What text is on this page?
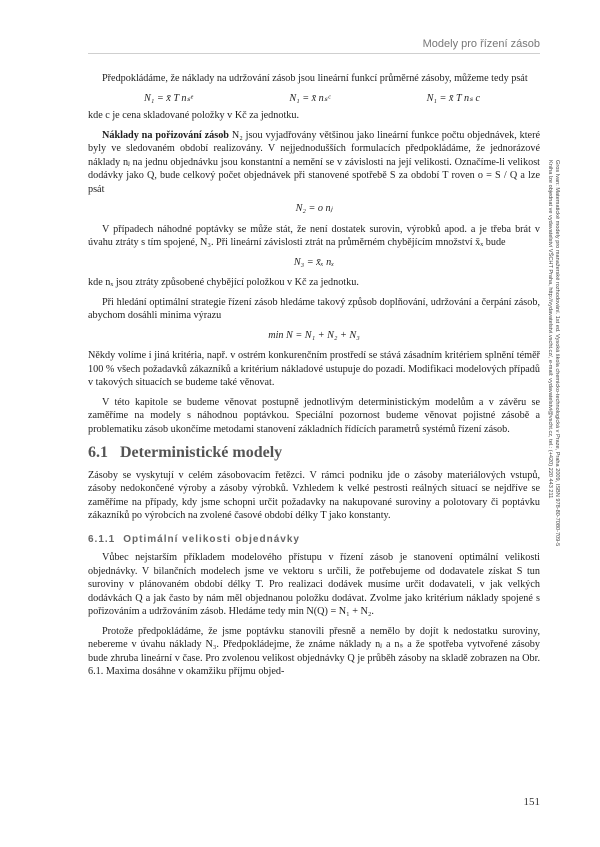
Modely pro řízení zásob
Gros Ivan: Matematické modely pro manažerské rozhodování. 1st ed. Vysoká škola chemicko-technologická v Praze, Praha 2009, ISBN 978-80-7080-709-5
Kniha lze objednat ve vydavatelství VŠCHT Praha, http://vydavatelstvi.vscht.cz/, e-mail: vydavatelstvi@vscht.cz, tel.: (+420) 220 443 211

Předpokládáme, že náklady na udržování zásob jsou lineární funkcí průměrné zásoby, můžeme tedy psát

N₁ = x̄ T nₛᵉ	N₁ = x̄ nₛᶜ	N₁ = x̄ T nₛ c

kde c je cena skladované položky v Kč za jednotku.

Náklady na pořizování zásob N₂ jsou vyjadřovány většinou jako lineární funkce počtu objednávek, které byly ve sledovaném období realizovány. V nejjednodušších formulacích předpokládáme, že jednorázové náklady nⱼ na jednu objednávku jsou konstantní a nemění se v závislosti na její velikosti. Označíme-li velikost dodávky jako Q, bude celkový počet objednávek při stanovené spotřebě S za období T roven o = S / Q a lze psát

N₂ = o nⱼ

V případech náhodné poptávky se může stát, že není dostatek surovin, výrobků apod. a je třeba brát v úvahu ztráty s tím spojené, N₃. Při lineární závislosti ztrát na průměrném chybějícím množství x̄ₓ bude

N₃ = x̄ₓ nₓ

kde nₓ jsou ztráty způsobené chybějící položkou v Kč za jednotku.

Při hledání optimální strategie řízení zásob hledáme takový způsob doplňování, udržování a čerpání zásob, abychom dosáhli minima výrazu

min N = N₁ + N₂ + N₃

Někdy volíme i jiná kritéria, např. v ostrém konkurenčním prostředí se stává zásadním kritériem splnění téměř 100 % všech požadavků zákazníků a kritérium nákladové ustupuje do pozadí. Modifikaci modelových případů v takových situacích se budeme také věnovat.

V této kapitole se budeme věnovat postupně jednotlivým deterministickým modelům a v závěru se zaměříme na modely s náhodnou poptávkou. Speciální pozornost budeme věnovat pojistné zásobě a problematiku zásob ukončíme metodami stanovení základních řídících parametrů systémů řízení zásob.

6.1 Deterministické modely

Zásoby se vyskytují v celém zásobovacím řetězci. V rámci podniku jde o zásoby materiálových vstupů, zásoby nedokončené výroby a zásoby výrobků. Vzhledem k velké pestrosti reálných situací se nejdříve se zaměříme na případy, kdy jsme schopni určit požadavky na nakupované suroviny a polotovary či poptávku zákazníků po výrobcích na zvolené časové období délky T jako konstanty.

6.1.1 Optimální velikosti objednávky

Vůbec nejstarším příkladem modelového přístupu v řízení zásob je stanovení optimální velikosti objednávky. V bilančních modelech jsme ve vektoru s určili, že potřebujeme od dodavatele získat S tun suroviny v plánovaném období délky T. Pro realizaci dodávek musíme určit dodavateli, v jak velkých dodávkách Q a jak často by nám měl objednanou položku dodávat. Zvolme jako kritérium náklady spojené s pořizováním a udržováním zásob. Hledáme tedy min N(Q) = N₁ + N₂.

Protože předpokládáme, že jsme poptávku stanovili přesně a nemělo by dojít k nedostatku suroviny, nebereme v úvahu náklady N₃. Předpokládejme, že známe náklady nⱼ a nₛ a že spotřeba vytvořené zásoby bude zhruba lineární v čase. Pro zvolenou velikost objednávky Q je průběh zásoby na skladě zobrazen na Obr. 6.1. Maxima dosáhne v okamžiku příjmu objed-

151
